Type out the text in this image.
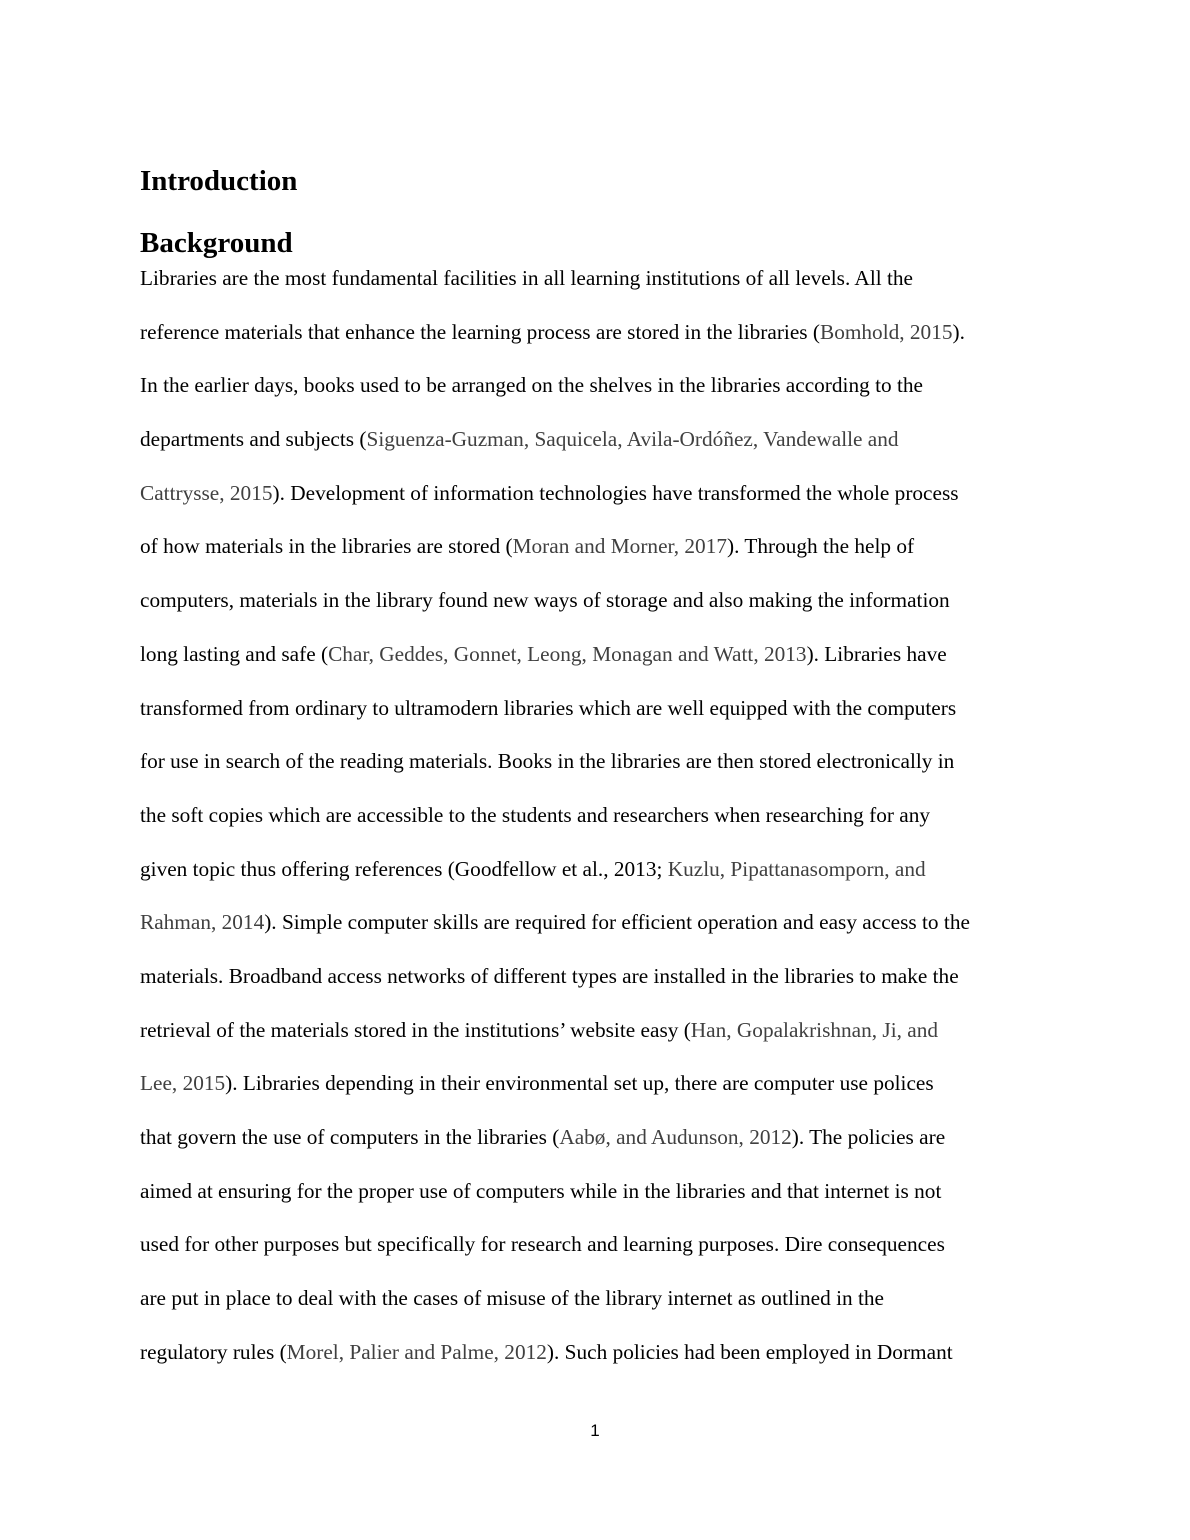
Introduction
Background
Libraries are the most fundamental facilities in all learning institutions of all levels. All the
reference materials that enhance the learning process are stored in the libraries (Bomhold, 2015).
In the earlier days, books used to be arranged on the shelves in the libraries according to the
departments and subjects (Siguenza-Guzman, Saquicela, Avila-Ordóñez, Vandewalle and
Cattrysse, 2015). Development of information technologies have transformed the whole process
of how materials in the libraries are stored (Moran and Morner, 2017). Through the help of
computers, materials in the library found new ways of storage and also making the information
long lasting and safe (Char, Geddes, Gonnet, Leong, Monagan and Watt, 2013). Libraries have
transformed from ordinary to ultramodern libraries which are well equipped with the computers
for use in search of the reading materials. Books in the libraries are then stored electronically in
the soft copies which are accessible to the students and researchers when researching for any
given topic thus offering references (Goodfellow et al., 2013; Kuzlu, Pipattanasomporn, and
Rahman, 2014). Simple computer skills are required for efficient operation and easy access to the
materials. Broadband access networks of different types are installed in the libraries to make the
retrieval of the materials stored in the institutions’ website easy (Han, Gopalakrishnan, Ji, and
Lee, 2015). Libraries depending in their environmental set up, there are computer use polices
that govern the use of computers in the libraries (Aabø, and Audunson, 2012). The policies are
aimed at ensuring for the proper use of computers while in the libraries and that internet is not
used for other purposes but specifically for research and learning purposes. Dire consequences
are put in place to deal with the cases of misuse of the library internet as outlined in the
regulatory rules (Morel, Palier and Palme, 2012). Such policies had been employed in Dormant
1
